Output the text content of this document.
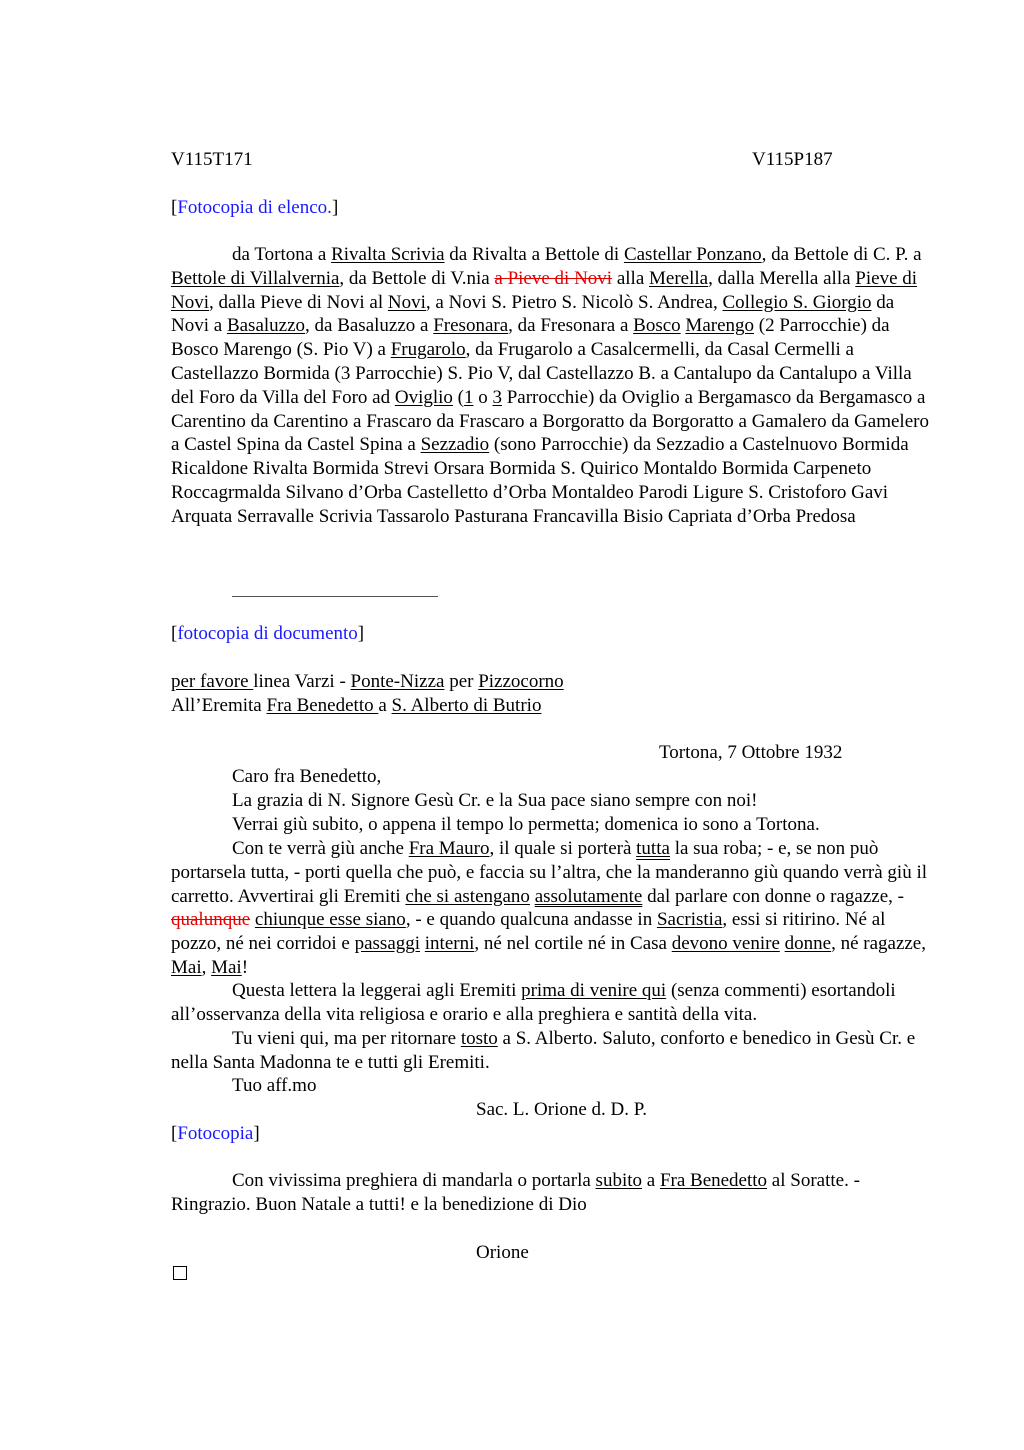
V115T171	V115P187
[Fotocopia di elenco.]

da Tortona a Rivalta Scrivia da Rivalta a Bettole di Castellar Ponzano, da Bettole di C. P. a Bettole di Villalvernia, da Bettole di V.nia a Pieve di Novi alla Merella, dalla Merella alla Pieve di Novi, dalla Pieve di Novi al Novi, a Novi S. Pietro S. Nicolò S. Andrea, Collegio S. Giorgio da Novi a Basaluzzo, da Basaluzzo a Fresonara, da Fresonara a Bosco Marengo (2 Parrocchie) da Bosco Marengo (S. Pio V) a Frugarolo, da Frugarolo a Casalcermelli, da Casal Cermelli a Castellazzo Bormida (3 Parrocchie) S. Pio V, dal Castellazzo B. a Cantalupo da Cantalupo a Villa del Foro da Villa del Foro ad Oviglio (1 o 3 Parrocchie) da Oviglio a Bergamasco da Bergamasco a Carentino da Carentino a Frascaro da Frascaro a Borgoratto da Borgoratto a Gamalero da Gamelero a Castel Spina da Castel Spina a Sezzadio (sono Parrocchie) da Sezzadio a Castelnuovo Bormida Ricaldone Rivalta Bormida Strevi Orsara Bormida S. Quirico Montaldo Bormida Carpeneto Roccagrmalda Silvano d’Orba Castelletto d’Orba Montaldeo Parodi Ligure S. Cristoforo Gavi Arquata Serravalle Scrivia Tassarolo Pasturana Francavilla Bisio Capriata d’Orba Predosa

[fotocopia di documento]
per favore linea Varzi - Ponte-Nizza per Pizzocorno
All’Eremita Fra Benedetto a S. Alberto di Butrio
Tortona, 7 Ottobre 1932
Caro fra Benedetto,
La grazia di N. Signore Gesù Cr. e la Sua pace siano sempre con noi!
Verrai giù subito, o appena il tempo lo permetta; domenica io sono a Tortona.

Con te verrà giù anche Fra Mauro, il quale si porterà tutta la sua roba; - e, se non può portarsela tutta, - porti quella che può, e faccia su l’altra, che la manderanno giù quando verrà giù il carretto. Avvertirai gli Eremiti che si astengano assolutamente dal parlare con donne o ragazze, - qualunque chiunque esse siano, - e quando qualcuna andasse in Sacristia, essi si ritirino. Né al pozzo, né nei corridoi e passaggi interni, né nel cortile né in Casa devono venire donne, né ragazze, Mai, Mai!

Questa lettera la leggerai agli Eremiti prima di venire qui (senza commenti) esortandoli all’osservanza della vita religiosa e orario e alla preghiera e santità della vita.

Tu vieni qui, ma per ritornare tosto a S. Alberto. Saluto, conforto e benedico in Gesù Cr. e nella Santa Madonna te e tutti gli Eremiti.

Tuo aff.mo
Sac. L. Orione d. D. P.
[Fotocopia]

Con vivissima preghiera di mandarla o portarla subito a Fra Benedetto al Soratte. - Ringrazio. Buon Natale a tutti! e la benedizione di Dio

Orione
